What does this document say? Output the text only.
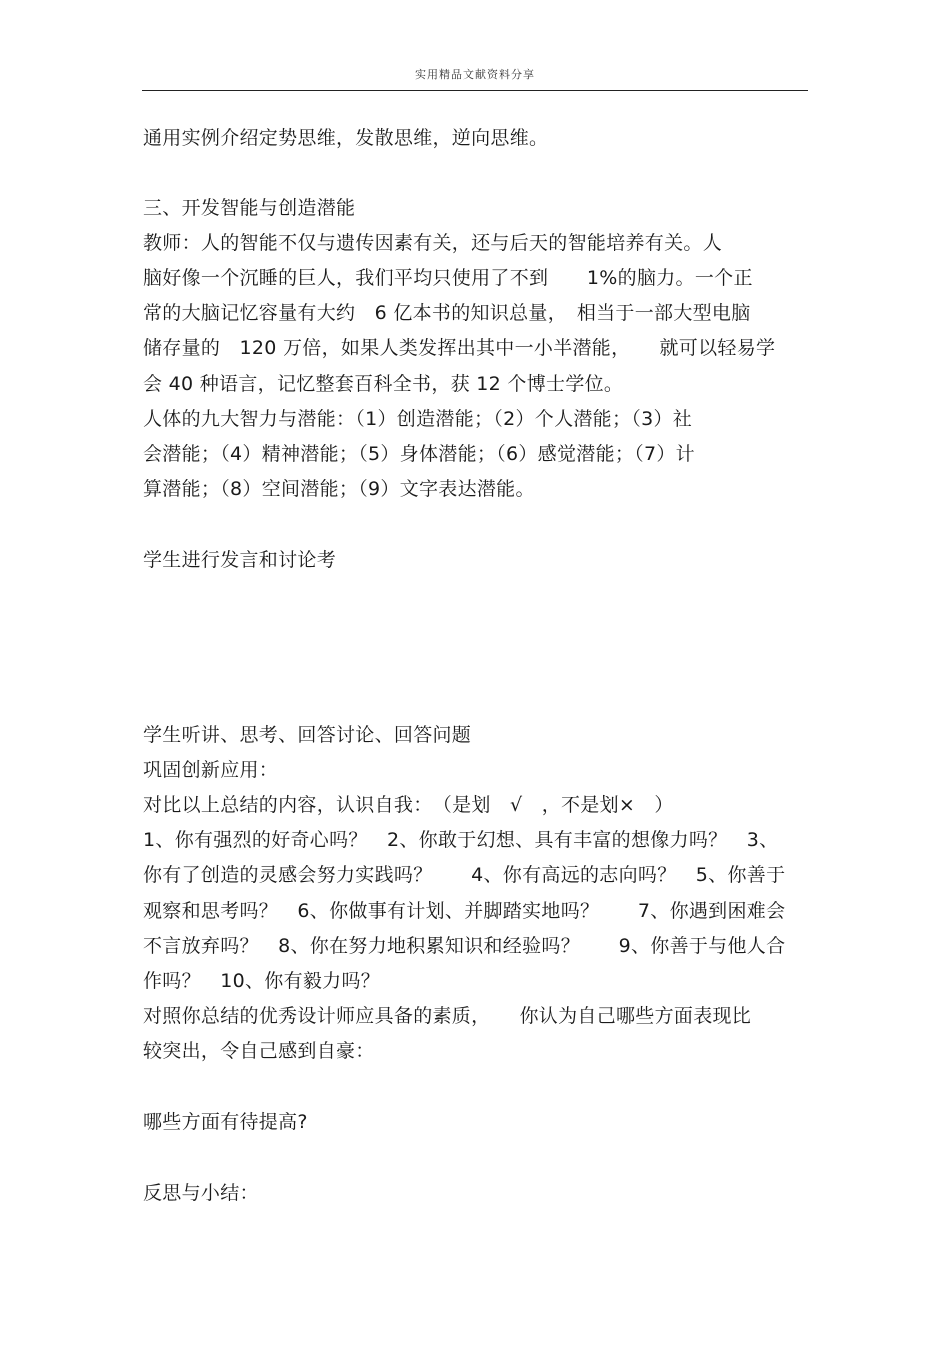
实用精品文献资料分享
通用实例介绍定势思维，发散思维，逆向思维。
三、开发智能与创造潜能
教师：人的智能不仅与遗传因素有关，还与后天的智能培养有关。人
脑好像一个沉睡的巨人，我们平均只使用了不到　　1%的脑力。一个正
常的大脑记忆容量有大约　6 亿本书的知识总量，　相当于一部大型电脑
储存量的　120 万倍，如果人类发挥出其中一小半潜能，　　就可以轻易学
会 40 种语言，记忆整套百科全书，获 12 个博士学位。
人体的九大智力与潜能：（1）创造潜能；（2）个人潜能；（3）社
会潜能；（4）精神潜能；（5）身体潜能；（6）感觉潜能；（7）计
算潜能；（8）空间潜能；（9）文字表达潜能。
学生进行发言和讨论考
学生听讲、思考、回答讨论、回答问题
巩固创新应用：
对比以上总结的内容，认识自我：　（是划　√　，不是划×　）
1、你有强烈的好奇心吗？　2、你敢于幻想、具有丰富的想像力吗？　3、
你有了创造的灵感会努力实践吗？　　4、你有高远的志向吗？　5、你善于
观察和思考吗？　6、你做事有计划、并脚踏实地吗？　　7、你遇到困难会
不言放弃吗？　8、你在努力地积累知识和经验吗？　　9、你善于与他人合
作吗？　10、你有毅力吗？
对照你总结的优秀设计师应具备的素质，　　你认为自己哪些方面表现比
较突出，令自己感到自豪：
哪些方面有待提高?
反思与小结：
